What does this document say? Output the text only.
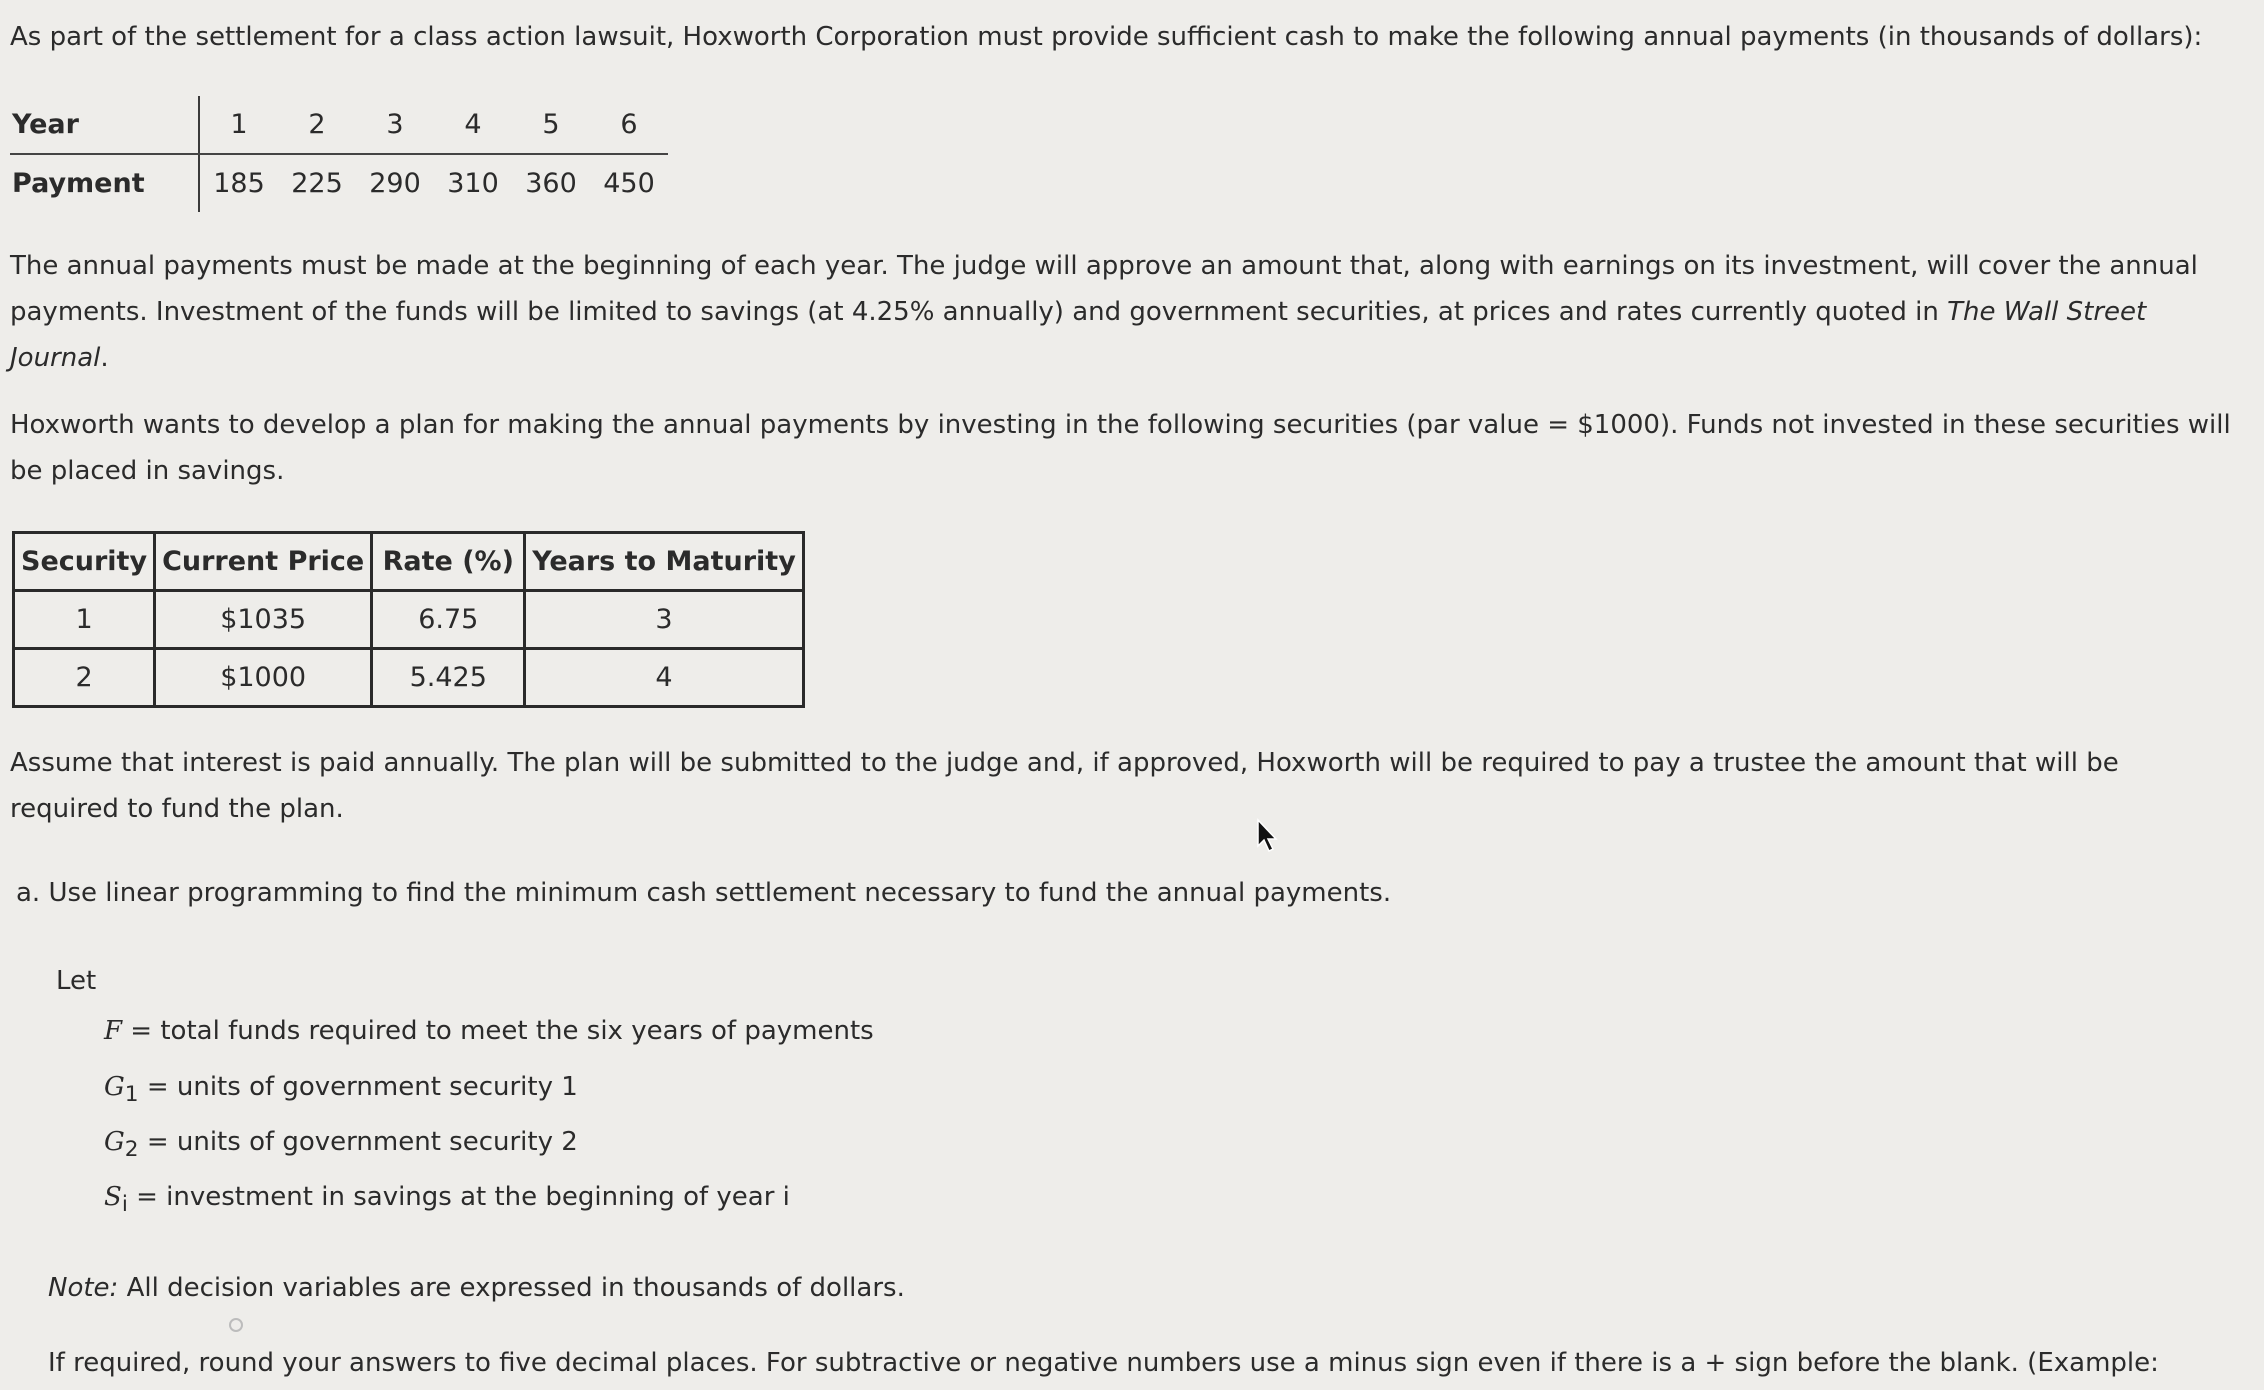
As part of the settlement for a class action lawsuit, Hoxworth Corporation must provide sufficient cash to make the following annual payments (in thousands of dollars):

Year	1	2	3	4	5	6
Payment	185	225	290	310	360	450

The annual payments must be made at the beginning of each year. The judge will approve an amount that, along with earnings on its investment, will cover the annual payments. Investment of the funds will be limited to savings (at 4.25% annually) and government securities, at prices and rates currently quoted in The Wall Street Journal.

Hoxworth wants to develop a plan for making the annual payments by investing in the following securities (par value = $1000). Funds not invested in these securities will be placed in savings.

Security	Current Price	Rate (%)	Years to Maturity
1	$1035	6.75	3
2	$1000	5.425	4

Assume that interest is paid annually. The plan will be submitted to the judge and, if approved, Hoxworth will be required to pay a trustee the amount that will be required to fund the plan.

a. Use linear programming to find the minimum cash settlement necessary to fund the annual payments.

Let
F = total funds required to meet the six years of payments
$G_1$ = units of government security 1
$G_2$ = units of government security 2
$S_i$ = investment in savings at the beginning of year i

Note: All decision variables are expressed in thousands of dollars.

If required, round your answers to five decimal places. For subtractive or negative numbers use a minus sign even if there is a + sign before the blank. (Example:
